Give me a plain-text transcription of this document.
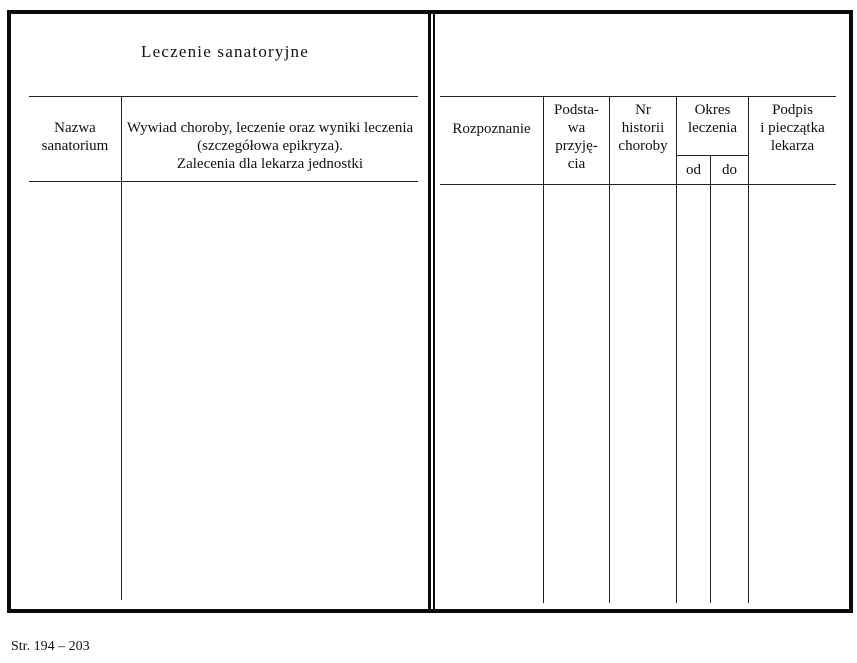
Leczenie sanatoryjne
Nazwa
sanatorium
Wywiad choroby, leczenie oraz wyniki leczenia
(szczegółowa epikryza).
Zalecenia dla lekarza jednostki
Rozpoznanie
Podsta-
wa
przyję-
cia
Nr
historii
choroby
Okres
leczenia
od	do
Podpis
i pieczątka
lekarza
Str. 194 – 203
